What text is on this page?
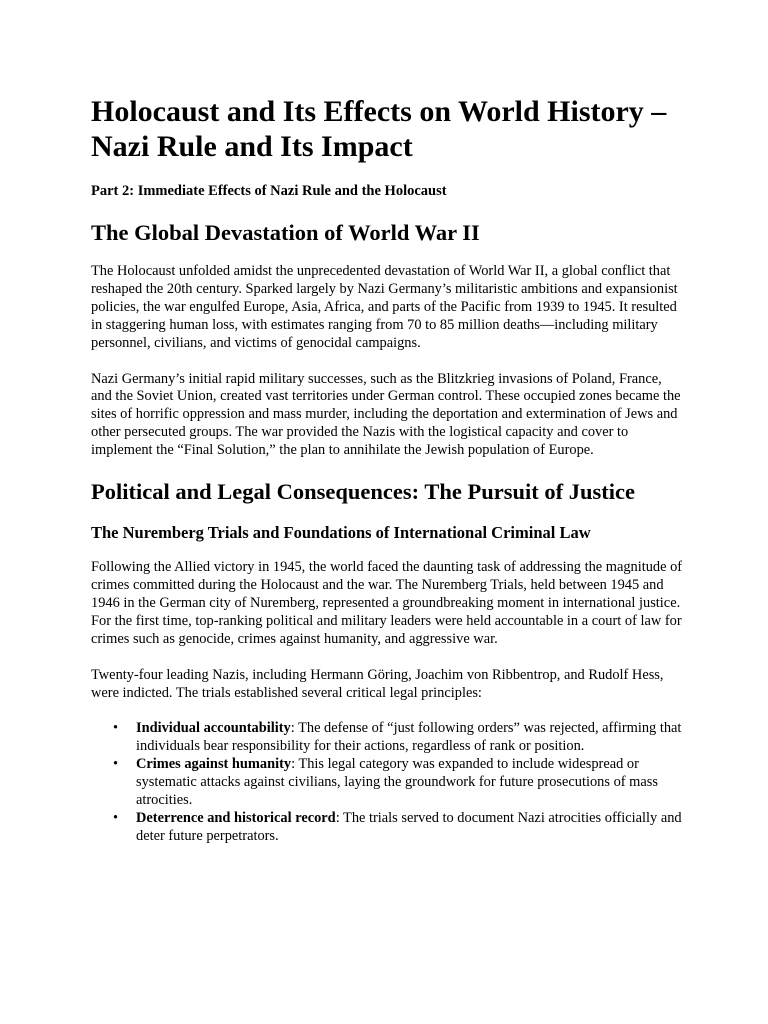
Holocaust and Its Effects on World History – Nazi Rule and Its Impact
Part 2: Immediate Effects of Nazi Rule and the Holocaust
The Global Devastation of World War II

The Holocaust unfolded amidst the unprecedented devastation of World War II, a global conflict that reshaped the 20th century. Sparked largely by Nazi Germany’s militaristic ambitions and expansionist policies, the war engulfed Europe, Asia, Africa, and parts of the Pacific from 1939 to 1945. It resulted in staggering human loss, with estimates ranging from 70 to 85 million deaths—including military personnel, civilians, and victims of genocidal campaigns.

Nazi Germany’s initial rapid military successes, such as the Blitzkrieg invasions of Poland, France, and the Soviet Union, created vast territories under German control. These occupied zones became the sites of horrific oppression and mass murder, including the deportation and extermination of Jews and other persecuted groups. The war provided the Nazis with the logistical capacity and cover to implement the “Final Solution,” the plan to annihilate the Jewish population of Europe.

Political and Legal Consequences: The Pursuit of Justice
The Nuremberg Trials and Foundations of International Criminal Law

Following the Allied victory in 1945, the world faced the daunting task of addressing the magnitude of crimes committed during the Holocaust and the war. The Nuremberg Trials, held between 1945 and 1946 in the German city of Nuremberg, represented a groundbreaking moment in international justice. For the first time, top-ranking political and military leaders were held accountable in a court of law for crimes such as genocide, crimes against humanity, and aggressive war.

Twenty-four leading Nazis, including Hermann Göring, Joachim von Ribbentrop, and Rudolf Hess, were indicted. The trials established several critical legal principles:

• Individual accountability: The defense of “just following orders” was rejected, affirming that individuals bear responsibility for their actions, regardless of rank or position.
• Crimes against humanity: This legal category was expanded to include widespread or systematic attacks against civilians, laying the groundwork for future prosecutions of mass atrocities.
• Deterrence and historical record: The trials served to document Nazi atrocities officially and deter future perpetrators.
